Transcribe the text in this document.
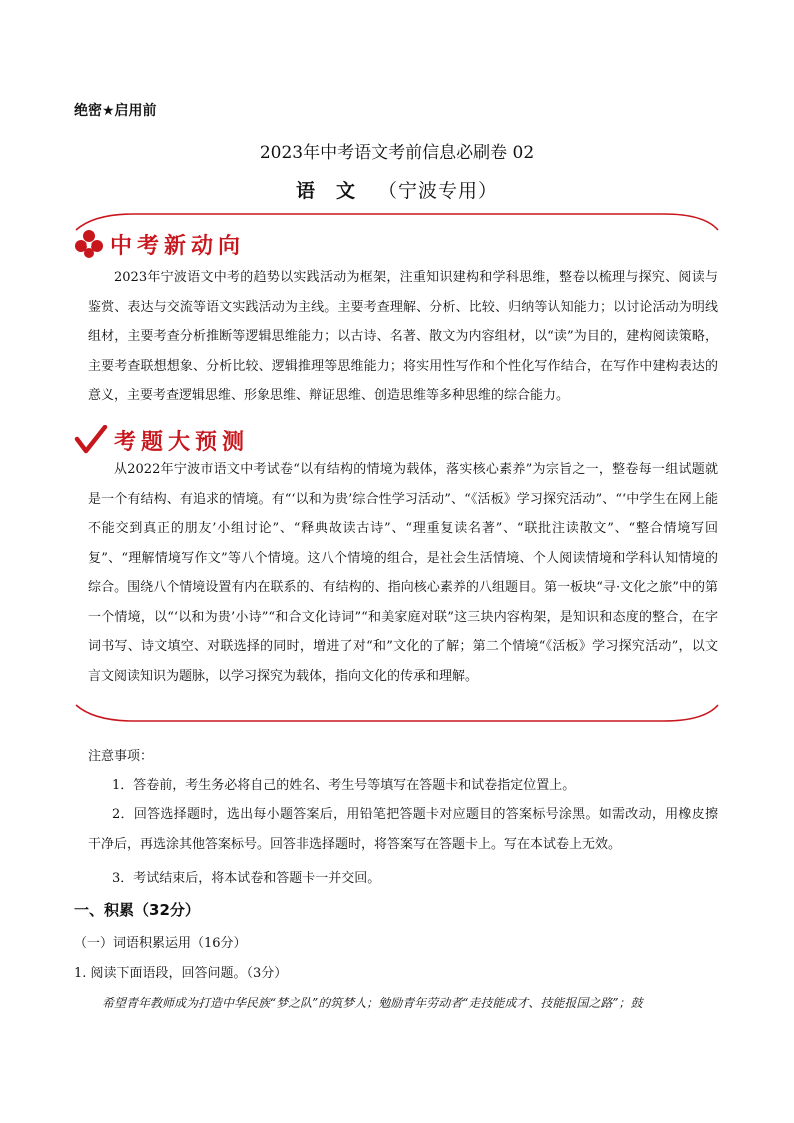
绝密★启用前
2023年中考语文考前信息必刷卷 02
语　文 （宁波专用）
中考新动向

2023年宁波语文中考的趋势以实践活动为框架，注重知识建构和学科思维，整卷以梳理与探究、阅读与鉴赏、表达与交流等语文实践活动为主线。主要考查理解、分析、比较、归纳等认知能力；以讨论活动为明线组材，主要考查分析推断等逻辑思维能力；以古诗、名著、散文为内容组材，以“读”为目的，建构阅读策略，主要考查联想想象、分析比较、逻辑推理等思维能力；将实用性写作和个性化写作结合，在写作中建构表达的意义，主要考查逻辑思维、形象思维、辩证思维、创造思维等多种思维的综合能力。

考题大预测

从2022年宁波市语文中考试卷“以有结构的情境为载体，落实核心素养”为宗旨之一，整卷每一组试题就是一个有结构、有追求的情境。有“‘以和为贵’综合性学习活动”、“《活板》学习探究活动”、“‘中学生在网上能不能交到真正的朋友’小组讨论”、“释典故读古诗”、“理重复读名著”、“联批注读散文”、“整合情境写回复”、“理解情境写作文”等八个情境。这八个情境的组合，是社会生活情境、个人阅读情境和学科认知情境的综合。围绕八个情境设置有内在联系的、有结构的、指向核心素养的八组题目。第一板块“寻·文化之旅”中的第一个情境，以“‘以和为贵’小诗”“和合文化诗词”“和美家庭对联”这三块内容构架，是知识和态度的整合，在字词书写、诗文填空、对联选择的同时，增进了对“和”文化的了解；第二个情境“《活板》学习探究活动”，以文言文阅读知识为题脉，以学习探究为载体，指向文化的传承和理解。

注意事项：
1．答卷前，考生务必将自己的姓名、考生号等填写在答题卡和试卷指定位置上。
2．回答选择题时，选出每小题答案后，用铅笔把答题卡对应题目的答案标号涂黑。如需改动，用橡皮擦干净后，再选涂其他答案标号。回答非选择题时，将答案写在答题卡上。写在本试卷上无效。
3．考试结束后，将本试卷和答题卡一并交回。
一、积累（32分）
（一）词语积累运用（16分）
1. 阅读下面语段，回答问题。（3分）
希望青年教师成为打造中华民族“梦之队”的筑梦人；勉励青年劳动者“走技能成才、技能报国之路”；鼓
